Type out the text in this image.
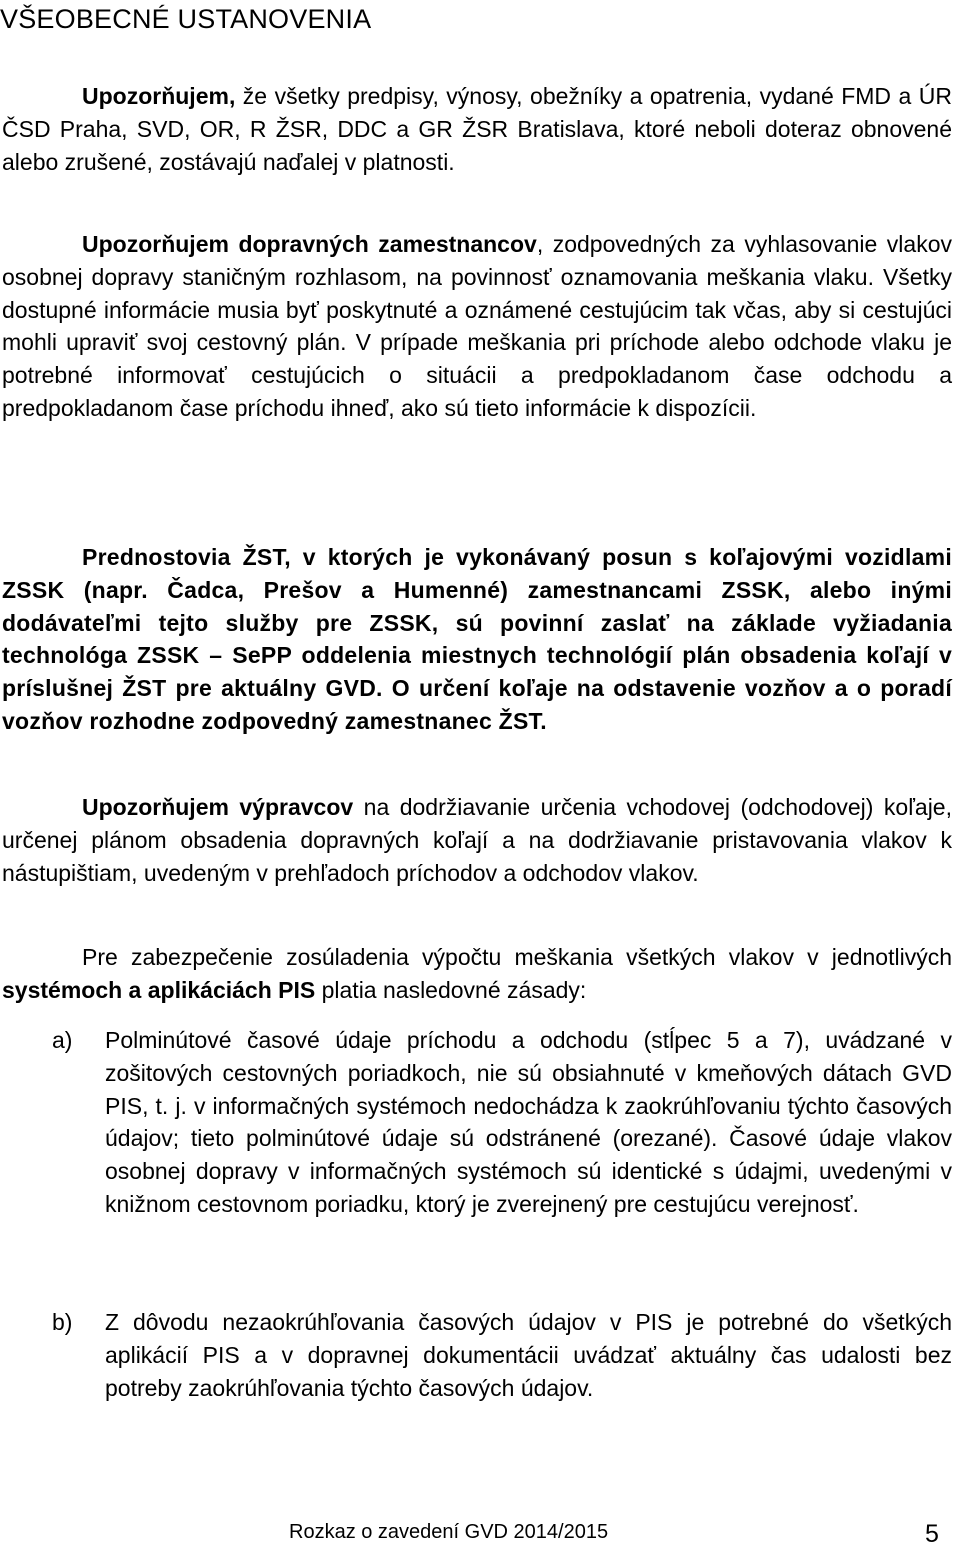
VŠEOBECNÉ USTANOVENIA

Upozorňujem, že všetky predpisy, výnosy, obežníky a opatrenia, vydané FMD a ÚR ČSD Praha, SVD, OR, R ŽSR, DDC a GR ŽSR Bratislava, ktoré neboli doteraz obnovené alebo zrušené, zostávajú naďalej v platnosti.

Upozorňujem dopravných zamestnancov, zodpovedných za vyhlasovanie vlakov osobnej dopravy staničným rozhlasom, na povinnosť oznamovania meškania vlaku. Všetky dostupné informácie musia byť poskytnuté a oznámené cestujúcim tak včas, aby si cestujúci mohli upraviť svoj cestovný plán. V prípade meškania pri príchode alebo odchode vlaku je potrebné informovať cestujúcich o situácii a predpokladanom čase odchodu a predpokladanom čase príchodu ihneď, ako sú tieto informácie k dispozícii.

Prednostovia ŽST, v ktorých je vykonávaný posun s koľajovými vozidlami ZSSK (napr. Čadca, Prešov a Humenné) zamestnancami ZSSK, alebo inými dodávateľmi tejto služby pre ZSSK, sú povinní zaslať na základe vyžiadania technológa ZSSK – SePP oddelenia miestnych technológií plán obsadenia koľají v príslušnej ŽST pre aktuálny GVD. O určení koľaje na odstavenie vozňov a o poradí vozňov rozhodne zodpovedný zamestnanec ŽST.

Upozorňujem výpravcov na dodržiavanie určenia vchodovej (odchodovej) koľaje, určenej plánom obsadenia dopravných koľají a na dodržiavanie pristavovania vlakov k nástupištiam, uvedeným v prehľadoch príchodov a odchodov vlakov.

Pre zabezpečenie zosúladenia výpočtu meškania všetkých vlakov v jednotlivých systémoch a aplikáciách PIS platia nasledovné zásady:

a) Polminútové časové údaje príchodu a odchodu (stĺpec 5 a 7), uvádzané v zošitových cestovných poriadkoch, nie sú obsiahnuté v kmeňových dátach GVD PIS, t. j. v informačných systémoch nedochádza k zaokrúhľovaniu týchto časových údajov; tieto polminútové údaje sú odstránené (orezané). Časové údaje vlakov osobnej dopravy v informačných systémoch sú identické s údajmi, uvedenými v knižnom cestovnom poriadku, ktorý je zverejnený pre cestujúcu verejnosť.
b) Z dôvodu nezaokrúhľovania časových údajov v PIS je potrebné do všetkých aplikácií PIS a v dopravnej dokumentácii uvádzať aktuálny čas udalosti bez potreby zaokrúhľovania týchto časových údajov.

Rozkaz o zavedení GVD 2014/2015	5
